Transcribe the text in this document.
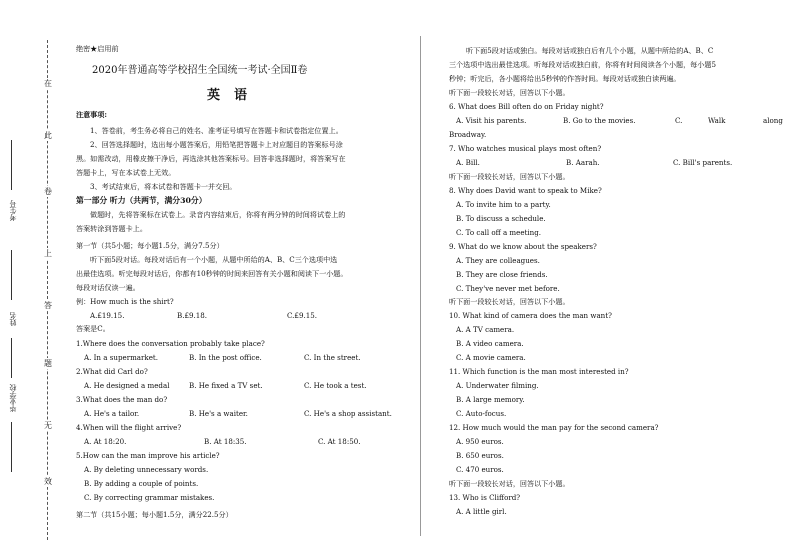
在
此
卷
上
答
题
无
效
考生号
姓名
毕业学校
绝密★启用前
2020年普通高等学校招生全国统一考试·全国Ⅱ卷
英语
注意事项:
1、答卷前，考生务必将自己的姓名、准考证号填写在答题卡和试卷指定位置上。
2、回答选择题时，选出每小题答案后，用铅笔把答题卡上对应题目的答案标号涂
黑。如需改动，用橡皮擦干净后，再选涂其他答案标号。回答非选择题时，将答案写在
答题卡上，写在本试卷上无效。
3、考试结束后，将本试卷和答题卡一并交回。
第一部分 听力（共两节，满分30分）
做题时，先将答案标在试卷上。录音内容结束后，你将有两分钟的时间将试卷上的
答案转涂到答题卡上。
第一节（共5小题；每小题1.5分，满分7.5分）
听下面5段对话。每段对话后有一个小题，从题中所给的A、B、C三个选项中选
出最佳选项。听完每段对话后，你都有10秒钟的时间来回答有关小题和阅读下一小题。
每段对话仅读一遍。
例：How much is the shirt?
A.£19.15.	B.£9.18.	C.£9.15.
答案是C。
1.Where does the conversation probably take place?
A. In a supermarket.	B. In the post office.	C. In the street.
2.What did Carl do?
A. He designed a medal	B. He fixed a TV set.	C. He took a test.
3.What does the man do?
A. He's a tailor.	B. He's a waiter.	C. He's a shop assistant.
4.When will the flight arrive?
A. At 18:20.	B. At 18:35.	C. At 18:50.
5.How can the man improve his article?
A. By deleting unnecessary words.
B. By adding a couple of points.
C. By correcting grammar mistakes.
第二节（共15小题；每小题1.5分，满分22.5分）
听下面5段对话或独白。每段对话或独白后有几个小题，从题中所给的A、B、C
三个选项中选出最佳选项。听每段对话或独白前，你将有时间阅读各个小题，每小题5
秒钟；听完后，各小题将给出5秒钟的作答时间。每段对话或独白读两遍。
听下面一段较长对话，回答以下小题。
6. What does Bill often do on Friday night?
A. Visit his parents.	B. Go to the movies.	C.	Walk	along
Broadway.
7. Who watches musical plays most often?
A. Bill.	B. Aarah.	C. Bill's parents.
听下面一段较长对话，回答以下小题。
8. Why does David want to speak to Mike?
A. To invite him to a party.
B. To discuss a schedule.
C. To call off a meeting.
9. What do we know about the speakers?
A. They are colleagues.
B. They are close friends.
C. They've never met before.
听下面一段较长对话，回答以下小题。
10. What kind of camera does the man want?
A. A TV camera.
B. A video camera.
C. A movie camera.
11. Which function is the man most interested in?
A. Underwater filming.
B. A large memory.
C. Auto-focus.
12. How much would the man pay for the second camera?
A. 950 euros.
B. 650 euros.
C. 470 euros.
听下面一段较长对话，回答以下小题。
13. Who is Clifford?
A. A little girl.
